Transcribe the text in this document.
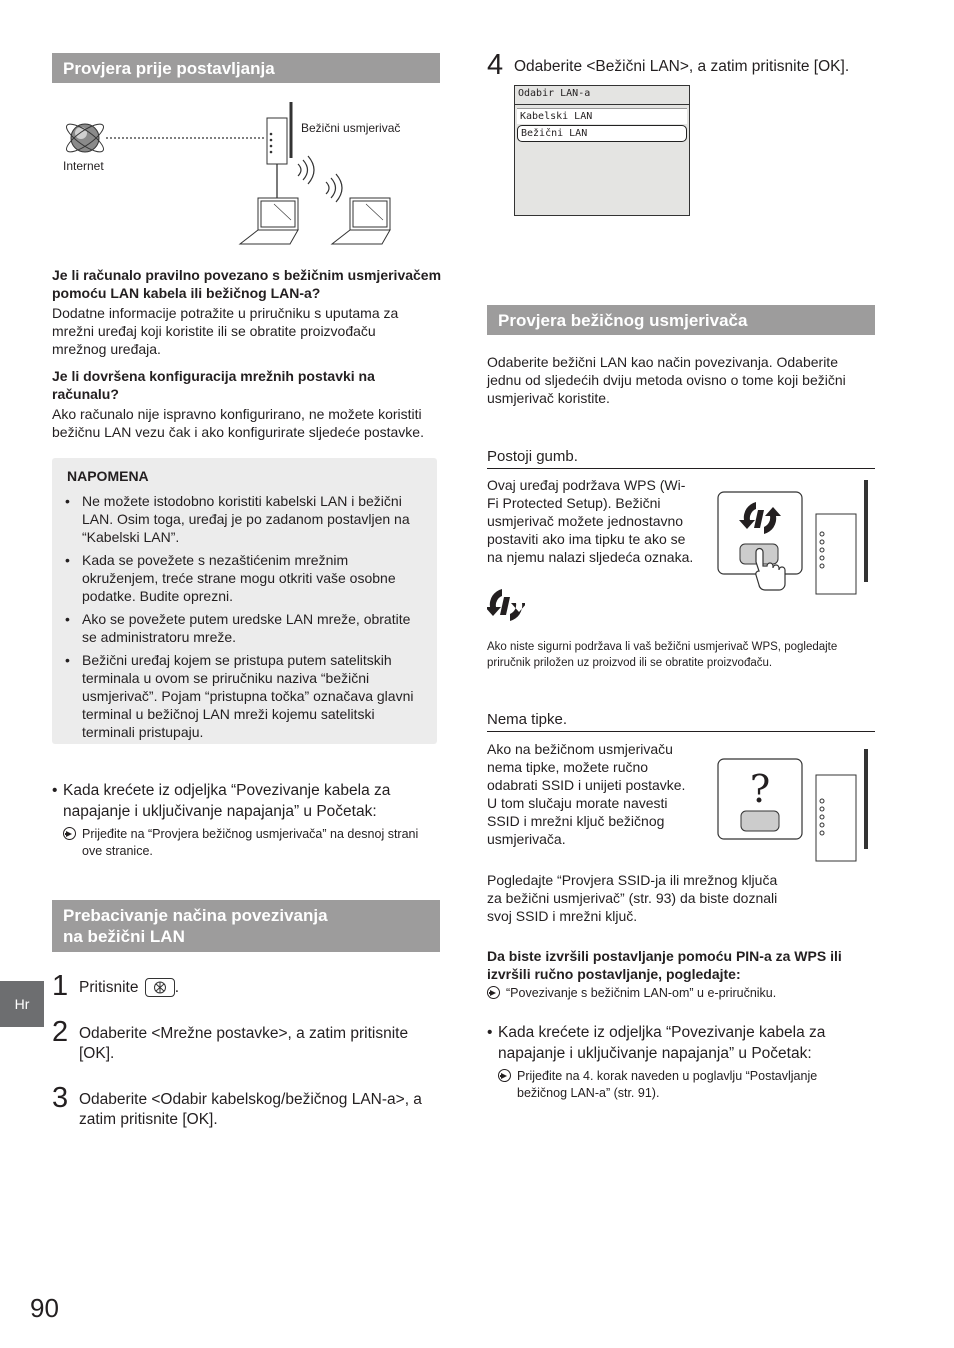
Provjera prije postavljanja
Internet
Bežični usmjerivač
Je li računalo pravilno povezano s bežičnim usmjerivačem pomoću LAN kabela ili bežičnog LAN-a?
Dodatne informacije potražite u priručniku s uputama za mrežni uređaj koji koristite ili se obratite proizvođaču mrežnog uređaja.
Je li dovršena konfiguracija mrežnih postavki na računalu?
Ako računalo nije ispravno konfigurirano, ne možete koristiti bežičnu LAN vezu čak i ako konfigurirate sljedeće postavke.
NAPOMENA
• Ne možete istodobno koristiti kabelski LAN i bežični LAN. Osim toga, uređaj je po zadanom postavljen na “Kabelski LAN”.
• Kada se povežete s nezaštićenim mrežnim okruženjem, treće strane mogu otkriti vaše osobne podatke. Budite oprezni.
• Ako se povežete putem uredske LAN mreže, obratite se administratoru mreže.
• Bežični uređaj kojem se pristupa putem satelitskih terminala u ovom se priručniku naziva “bežični usmjerivač”. Pojam “pristupna točka” označava glavni terminal u bežičnoj LAN mreži kojemu satelitski terminali pristupaju.
• Kada krećete iz odjeljka “Povezivanje kabela za napajanje i uključivanje napajanja” u Početak:
Prijeđite na “Provjera bežičnog usmjerivača” na desnoj strani ove stranice.
Prebacivanje načina povezivanja
na bežični LAN
1 Pritisnite .
2 Odaberite <Mrežne postavke>, a zatim pritisnite [OK].
3 Odaberite <Odabir kabelskog/bežičnog LAN-a>, a zatim pritisnite [OK].
4 Odaberite <Bežični LAN>, a zatim pritisnite [OK].
Odabir LAN-a
Kabelski LAN
Bežični LAN
Provjera bežičnog usmjerivača
Odaberite bežični LAN kao način povezivanja. Odaberite jednu od sljedećih dviju metoda ovisno o tome koji bežični usmjerivač koristite.
Postoji gumb.
Ovaj uređaj podržava WPS (Wi-Fi Protected Setup). Bežični usmjerivač možete jednostavno postaviti ako ima tipku te ako se na njemu nalazi sljedeća oznaka.
Ako niste sigurni podržava li vaš bežični usmjerivač WPS, pogledajte priručnik priložen uz proizvod ili se obratite proizvođaču.
Nema tipke.
Ako na bežičnom usmjerivaču nema tipke, možete ručno odabrati SSID i unijeti postavke. U tom slučaju morate navesti SSID i mrežni ključ bežičnog usmjerivača.
?
Pogledajte “Provjera SSID-ja ili mrežnog ključa za bežični usmjerivač” (str. 93) da biste doznali svoj SSID i mrežni ključ.
Da biste izvršili postavljanje pomoću PIN-a za WPS ili izvršili ručno postavljanje, pogledajte:
“Povezivanje s bežičnim LAN-om” u e-priručniku.
• Kada krećete iz odjeljka “Povezivanje kabela za napajanje i uključivanje napajanja” u Početak:
Prijeđite na 4. korak naveden u poglavlju “Postavljanje bežičnog LAN-a” (str. 91).
Hr
90
